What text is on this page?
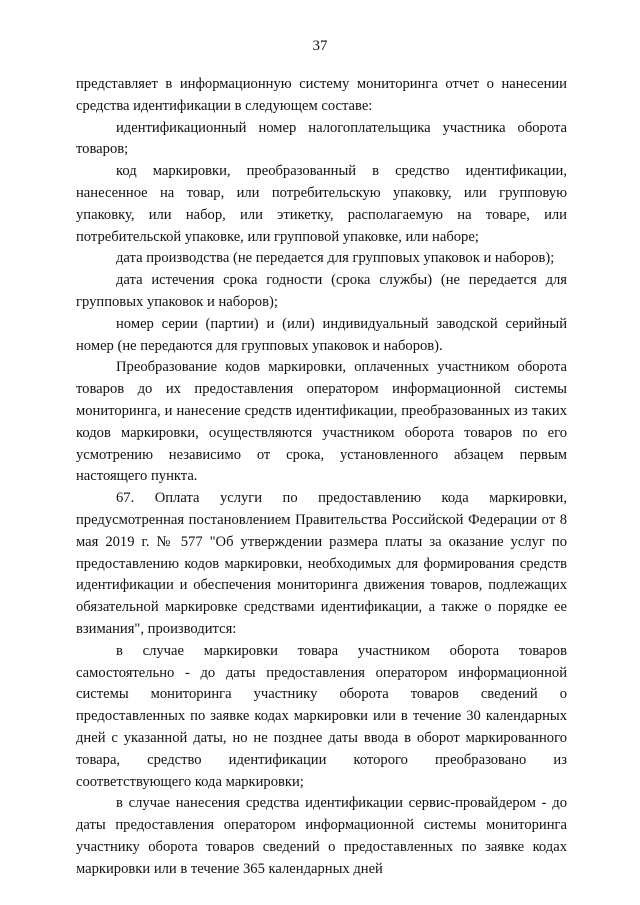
37

представляет в информационную систему мониторинга отчет о нанесении средства идентификации в следующем составе:

идентификационный номер налогоплательщика участника оборота товаров;

код маркировки, преобразованный в средство идентификации, нанесенное на товар, или потребительскую упаковку, или групповую упаковку, или набор, или этикетку, располагаемую на товаре, или потребительской упаковке, или групповой упаковке, или наборе;

дата производства (не передается для групповых упаковок и наборов);

дата истечения срока годности (срока службы) (не передается для групповых упаковок и наборов);

номер серии (партии) и (или) индивидуальный заводской серийный номер (не передаются для групповых упаковок и наборов).

Преобразование кодов маркировки, оплаченных участником оборота товаров до их предоставления оператором информационной системы мониторинга, и нанесение средств идентификации, преобразованных из таких кодов маркировки, осуществляются участником оборота товаров по его усмотрению независимо от срока, установленного абзацем первым настоящего пункта.

67. Оплата услуги по предоставлению кода маркировки, предусмотренная постановлением Правительства Российской Федерации от 8 мая 2019 г. № 577 "Об утверждении размера платы за оказание услуг по предоставлению кодов маркировки, необходимых для формирования средств идентификации и обеспечения мониторинга движения товаров, подлежащих обязательной маркировке средствами идентификации, а также о порядке ее взимания", производится:

в случае маркировки товара участником оборота товаров самостоятельно - до даты предоставления оператором информационной системы мониторинга участнику оборота товаров сведений о предоставленных по заявке кодах маркировки или в течение 30 календарных дней с указанной даты, но не позднее даты ввода в оборот маркированного товара, средство идентификации которого преобразовано из соответствующего кода маркировки;

в случае нанесения средства идентификации сервис-провайдером - до даты предоставления оператором информационной системы мониторинга участнику оборота товаров сведений о предоставленных по заявке кодах маркировки или в течение 365 календарных дней
